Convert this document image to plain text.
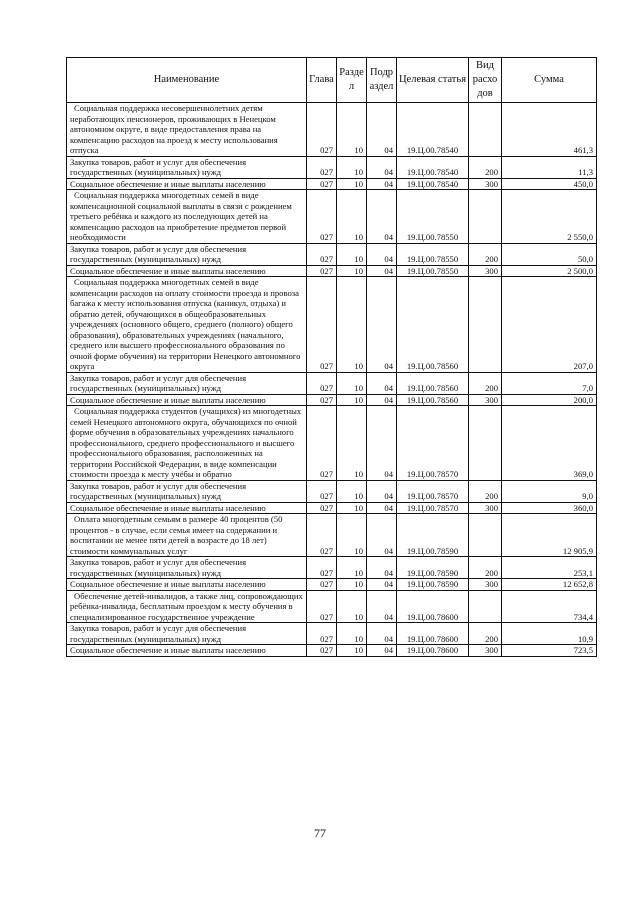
Наименование	Глава	Разде л	Подр аздел	Целевая статья	Вид расхо дов	Сумма
Социальная поддержка несовершеннолетних детям неработающих пенсионеров, проживающих в Ненецком автономном округе, в виде предоставления права на компенсацию расходов на проезд к месту использования отпуска	027	10	04	19.Ц.00.78540		461,3
Закупка товаров, работ и услуг для обеспечения государственных (муниципальных) нужд	027	10	04	19.Ц.00.78540	200	11,3
Социальное обеспечение и иные выплаты населению	027	10	04	19.Ц.00.78540	300	450,0
Социальная поддержка многодетных семей в виде компенсационной социальной выплаты в связи с рождением третьего ребёнка и каждого из последующих детей на компенсацию расходов на приобретение предметов первой необходимости	027	10	04	19.Ц.00.78550		2 550,0
Закупка товаров, работ и услуг для обеспечения государственных (муниципальных) нужд	027	10	04	19.Ц.00.78550	200	50,0
Социальное обеспечение и иные выплаты населению	027	10	04	19.Ц.00.78550	300	2 500,0
Социальная поддержка многодетных семей в виде компенсации расходов на оплату стоимости проезда и провоза багажа к месту использования отпуска (каникул, отдыха) и обратно детей, обучающихся в общеобразовательных учреждениях (основного общего, среднего (полного) общего образования), образовательных учреждениях (начального, среднего или высшего профессионального образования по очной форме обучения) на территории Ненецкого автономного округа	027	10	04	19.Ц.00.78560		207,0
Закупка товаров, работ и услуг для обеспечения государственных (муниципальных) нужд	027	10	04	19.Ц.00.78560	200	7,0
Социальное обеспечение и иные выплаты населению	027	10	04	19.Ц.00.78560	300	200,0
Социальная поддержка студентов (учащихся) из многодетных семей Ненецкого автономного округа, обучающихся по очной форме обучения в образовательных учреждениях начального профессионального, среднего профессионального и высшего профессионального образования, расположенных на территории Российской Федерации, в виде компенсации стоимости проезда к месту учёбы и обратно	027	10	04	19.Ц.00.78570		369,0
Закупка товаров, работ и услуг для обеспечения государственных (муниципальных) нужд	027	10	04	19.Ц.00.78570	200	9,0
Социальное обеспечение и иные выплаты населению	027	10	04	19.Ц.00.78570	300	360,0
Оплата многодетным семьям в размере 40 процентов (50 процентов - в случае, если семья имеет на содержании и воспитании не менее пяти детей в возрасте до 18 лет) стоимости коммунальных услуг	027	10	04	19.Ц.00.78590		12 905,9
Закупка товаров, работ и услуг для обеспечения государственных (муниципальных) нужд	027	10	04	19.Ц.00.78590	200	253,1
Социальное обеспечение и иные выплаты населению	027	10	04	19.Ц.00.78590	300	12 652,8
Обеспечение детей-инвалидов, а также лиц, сопровождающих ребёнка-инвалида, бесплатным проездом к месту обучения в специализированное государственное учреждение	027	10	04	19.Ц.00.78600		734,4
Закупка товаров, работ и услуг для обеспечения государственных (муниципальных) нужд	027	10	04	19.Ц.00.78600	200	10,9
Социальное обеспечение и иные выплаты населению	027	10	04	19.Ц.00.78600	300	723,5
77
